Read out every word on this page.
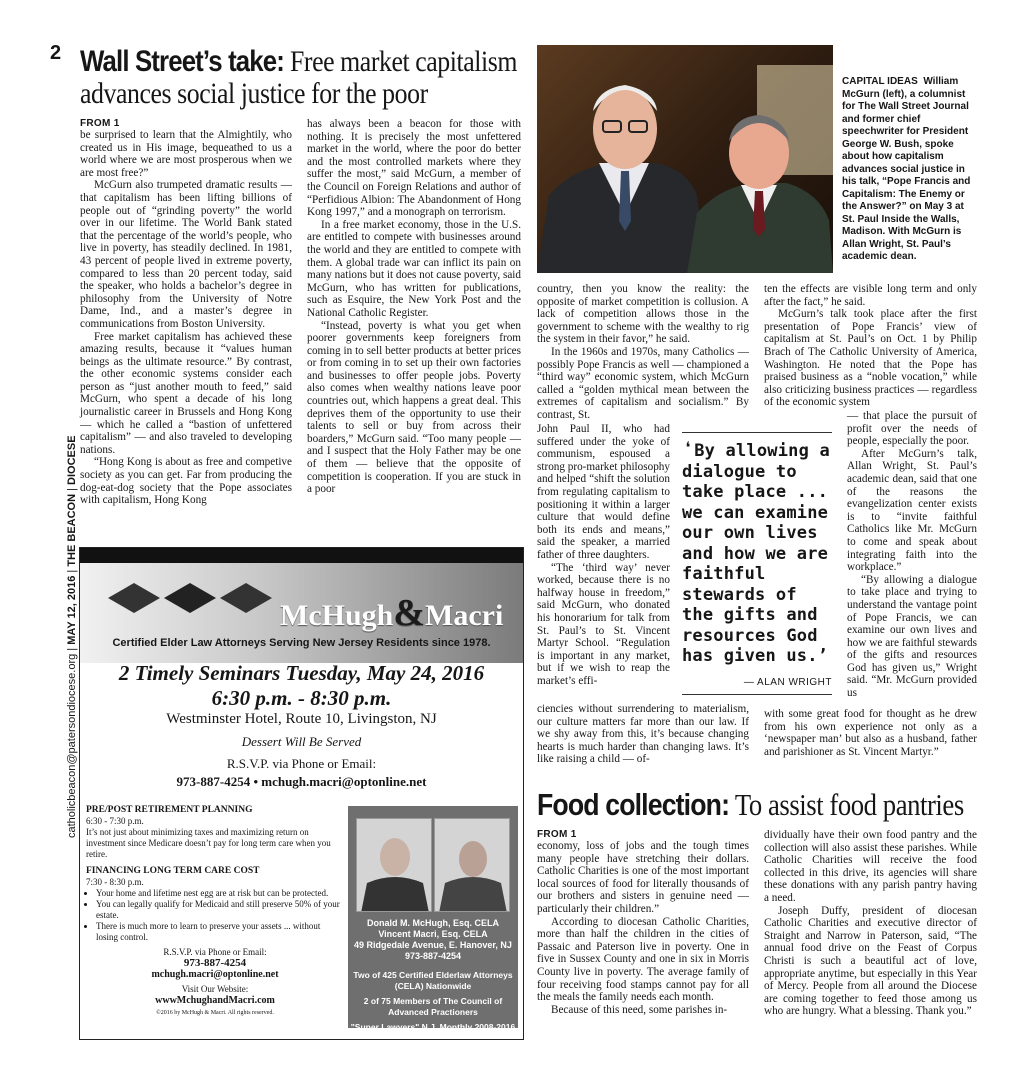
2
catholicbeacon@patersondiocese.org | MAY 12, 2016 | THE BEACON | DIOCESE
Wall Street’s take: Free market capitalism
advances social justice for the poor
FROM 1

be surprised to learn that the Almightily, who created us in His image, bequeathed to us a world where we are most prosperous when we are most free?”

McGurn also trumpeted dramatic results — that capitalism has been lifting billions of people out of “grinding poverty” the world over in our lifetime. The World Bank stated that the percentage of the world’s people, who live in poverty, has steadily declined. In 1981, 43 percent of people lived in extreme poverty, compared to less than 20 percent today, said the speaker, who holds a bachelor’s degree in philosophy from the University of Notre Dame, Ind., and a master’s degree in communications from Boston University.

Free market capitalism has achieved these amazing results, because it “values human beings as the ultimate resource.” By contrast, the other economic systems consider each person as “just another mouth to feed,” said McGurn, who spent a decade of his long journalistic career in Brussels and Hong Kong — which he called a “bastion of unfettered capitalism” — and also traveled to developing nations.

“Hong Kong is about as free and competive society as you can get. Far from producing the dog-eat-dog society that the Pope associates with capitalism, Hong Kong

has always been a beacon for those with nothing. It is precisely the most unfettered market in the world, where the poor do better and the most controlled markets where they suffer the most,” said McGurn, a member of the Council on Foreign Relations and author of “Perfidious Albion: The Abandonment of Hong Kong 1997,” and a monograph on terrorism.

In a free market economy, those in the U.S. are entitled to compete with businesses around the world and they are entitled to compete with them. A global trade war can inflict its pain on many nations but it does not cause poverty, said McGurn, who has written for publications, such as Esquire, the New York Post and the National Catholic Register.

“Instead, poverty is what you get when poorer governments keep foreigners from coming in to sell better products at better prices or from coming in to set up their own factories and businesses to offer people jobs. Poverty also comes when wealthy nations leave poor countries out, which happens a great deal. This deprives them of the opportunity to use their talents to sell or buy from across their boarders,” McGurn said. “Too many people — and I suspect that the Holy Father may be one of them — believe that the opposite of competition is cooperation. If you are stuck in a poor

CAPITAL IDEAS William McGurn (left), a columnist for The Wall Street Journal and former chief speechwriter for President George W. Bush, spoke about how capitalism advances social justice in his talk, “Pope Francis and Capitalism: The Enemy or the Answer?” on May 3 at St. Paul Inside the Walls, Madison. With McGurn is Allan Wright, St. Paul’s academic dean.

country, then you know the reality: the opposite of market competition is collusion. A lack of competition allows those in the government to scheme with the wealthy to rig the system in their favor,” he said.

In the 1960s and 1970s, many Catholics — possibly Pope Francis as well — championed a “third way” economic system, which McGurn called a “golden mythical mean between the extremes of capitalism and socialism.” By contrast, St.

John Paul II, who had suffered under the yoke of communism, espoused a strong pro-market philosophy and helped “shift the solution from regulating capitalism to positioning it within a larger culture that would define both its ends and means,” said the speaker, a married father of three daughters.

“The ‘third way’ never worked, because there is no halfway house in freedom,” said McGurn, who donated his honorarium for talk from St. Paul’s to St. Vincent Martyr School. “Regulation is important in any market, but if we wish to reap the market’s effi-

ciencies without surrendering to materialism, our culture matters far more than our law. If we shy away from this, it’s because changing hearts is much harder than changing laws. It’s like raising a child — of-

ten the effects are visible long term and only after the fact,” he said.

McGurn’s talk took place after the first presentation of Pope Francis’ view of capitalism at St. Paul’s on Oct. 1 by Philip Brach of The Catholic University of America, Washington. He noted that the Pope has praised business as a “noble vocation,” while also criticizing business practices — regardless of the economic system

— that place the pursuit of profit over the needs of people, especially the poor.

After McGurn’s talk, Allan Wright, St. Paul’s academic dean, said that one of the reasons the evangelization center exists is to “invite faithful Catholics like Mr. McGurn to come and speak about integrating faith into the workplace.”

“By allowing a dialogue to take place and trying to understand the vantage point of Pope Francis, we can examine our own lives and how we are faithful stewards of the gifts and resources God has given us,” Wright said. “Mr. McGurn provided us

with some great food for thought as he drew from his own experience not only as a ‘newspaper man’ but also as a husband, father and parishioner as St. Vincent Martyr.”

❛By allowing a dialogue to take place ... we can examine our own lives and how we are faithful stewards of the gifts and resources God has given us.’
— ALAN WRIGHT
McHugh&Macri
Certified Elder Law Attorneys Serving New Jersey Residents since 1978.
2 Timely Seminars Tuesday, May 24, 2016
6:30 p.m. - 8:30 p.m.
Westminster Hotel, Route 10, Livingston, NJ
Dessert Will Be Served
R.S.V.P. via Phone or Email:
973-887-4254 • mchugh.macri@optonline.net
PRE/POST RETIREMENT PLANNING
6:30 - 7:30 p.m.
It’s not just about minimizing taxes and maximizing return on investment since Medicare doesn’t pay for long term care when you retire.
FINANCING LONG TERM CARE COST
7:30 - 8:30 p.m.
• Your home and lifetime nest egg are at risk but can be protected.
• You can legally qualify for Medicaid and still preserve 50% of your estate.
• There is much more to learn to preserve your assets ... without losing control.
R.S.V.P. via Phone or Email:
973-887-4254
mchugh.macri@optonline.net
Visit Our Website:
wwwMchughandMacri.com
©2016 by McHugh & Macri. All rights reserved.
Donald M. McHugh, Esq. CELA
Vincent Macri, Esq. CELA
49 Ridgedale Avenue, E. Hanover, NJ
973-887-4254
Two of 425 Certified Elderlaw Attorneys (CELA) Nationwide
2 of 75 Members of The Council of Advanced Practioners
"Super Lawyers" N.J. Monthly 2008-2016
Food collection: To assist food pantries
FROM 1

economy, loss of jobs and the tough times many people have stretching their dollars. Catholic Charities is one of the most important local sources of food for literally thousands of our brothers and sisters in genuine need —particularly their children.”

According to diocesan Catholic Charities, more than half the children in the cities of Passaic and Paterson live in poverty. One in five in Sussex County and one in six in Morris County live in poverty. The average family of four receiving food stamps cannot pay for all the meals the family needs each month.

Because of this need, some parishes in-

dividually have their own food pantry and the collection will also assist these parishes. While Catholic Charities will receive the food collected in this drive, its agencies will share these donations with any parish pantry having a need.

Joseph Duffy, president of diocesan Catholic Charities and executive director of Straight and Narrow in Paterson, said, “The annual food drive on the Feast of Corpus Christi is such a beautiful act of love, appropriate anytime, but especially in this Year of Mercy. People from all around the Diocese are coming together to feed those among us who are hungry. What a blessing. Thank you.”
